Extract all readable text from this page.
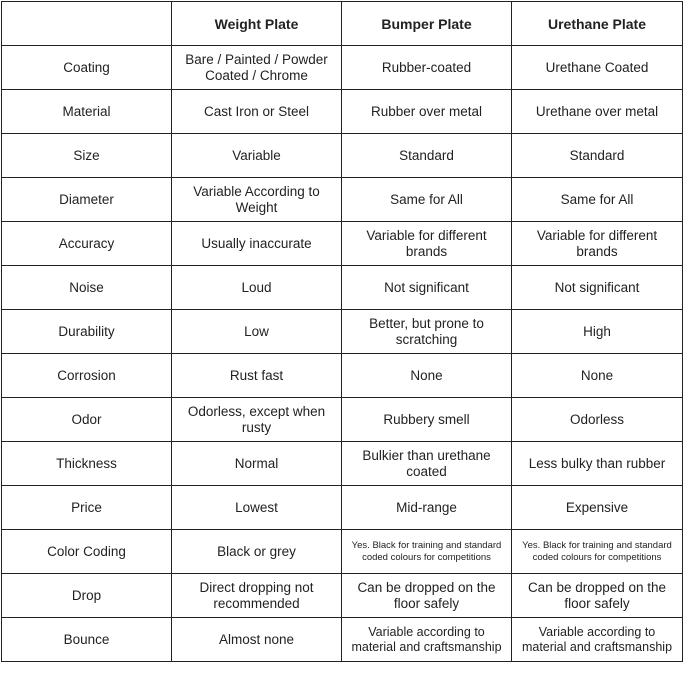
	Weight Plate	Bumper Plate	Urethane Plate
Coating	Bare / Painted / Powder Coated / Chrome	Rubber-coated	Urethane Coated
Material	Cast Iron or Steel	Rubber over metal	Urethane over metal
Size	Variable	Standard	Standard
Diameter	Variable According to Weight	Same for All	Same for All
Accuracy	Usually inaccurate	Variable for different brands	Variable for different brands
Noise	Loud	Not significant	Not significant
Durability	Low	Better, but prone to scratching	High
Corrosion	Rust fast	None	None
Odor	Odorless, except when rusty	Rubbery smell	Odorless
Thickness	Normal	Bulkier than urethane coated	Less bulky than rubber
Price	Lowest	Mid-range	Expensive
Color Coding	Black or grey	Yes. Black for training and standard coded colours for competitions	Yes. Black for training and standard coded colours for competitions
Drop	Direct dropping not recommended	Can be dropped on the floor safely	Can be dropped on the floor safely
Bounce	Almost none	Variable according to material and craftsmanship	Variable according to material and craftsmanship
